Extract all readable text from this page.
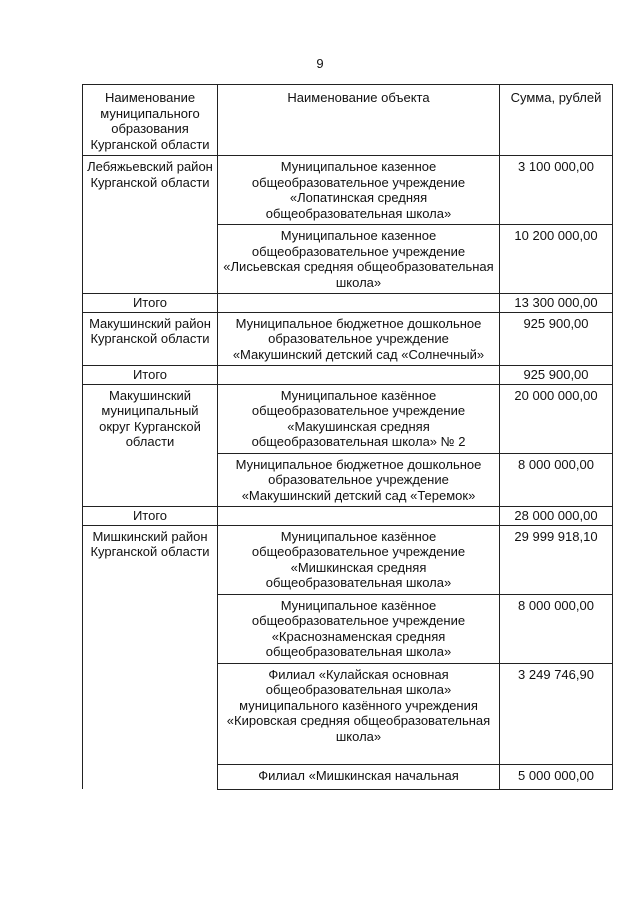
9
Наименование муниципального образования Курганской области	Наименование объекта	Сумма, рублей
Лебяжьевский район Курганской области	Муниципальное казенное общеобразовательное учреждение «Лопатинская средняя общеобразовательная школа»	3 100 000,00
	Муниципальное казенное общеобразовательное учреждение «Лисьевская средняя общеобразовательная школа»	10 200 000,00
Итого		13 300 000,00
Макушинский район Курганской области	Муниципальное бюджетное дошкольное образовательное учреждение «Макушинский детский сад «Солнечный»	925 900,00
Итого		925 900,00
Макушинский муниципальный округ Курганской области	Муниципальное казённое общеобразовательное учреждение «Макушинская средняя общеобразовательная школа» № 2	20 000 000,00
	Муниципальное бюджетное дошкольное образовательное учреждение «Макушинский детский сад «Теремок»	8 000 000,00
Итого		28 000 000,00
Мишкинский район Курганской области	Муниципальное казённое общеобразовательное учреждение «Мишкинская средняя общеобразовательная школа»	29 999 918,10
	Муниципальное казённое общеобразовательное учреждение «Краснознаменская средняя общеобразовательная школа»	8 000 000,00
	Филиал «Кулайская основная общеобразовательная школа» муниципального казённого учреждения «Кировская средняя общеобразовательная школа»	3 249 746,90
	Филиал «Мишкинская начальная	5 000 000,00
